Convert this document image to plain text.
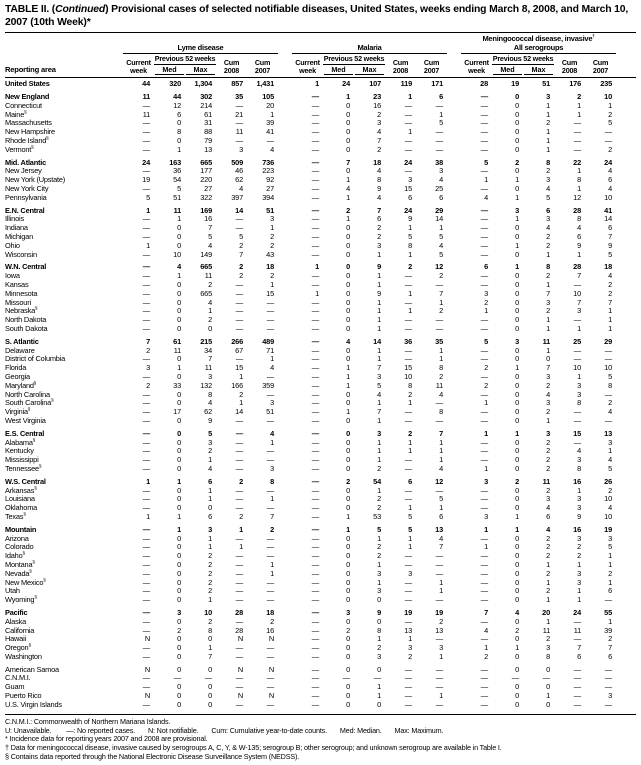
TABLE II. (Continued) Provisional cases of selected notifiable diseases, United States, weeks ending March 8, 2008, and March 10, 2007 (10th Week)*
Reporting area
Lyme disease
Current week
Previous 52 weeks
Med	Max
Cum 2008
Cum 2007
Malaria
Current week
Previous 52 weeks
Med	Max
Cum 2008
Cum 2007
Meningococcal disease, invasive†
All serogroups
Current week
Previous 52 weeks
Med	Max
Cum 2008
Cum 2007
United States	44	320	1,304	857	1,431	1	24	107	119	171	28	19	51	176	235
New England	11	44	302	35	105	—	1	23	1	6	—	0	3	2	10
Connecticut	—	12	214	—	20	—	0	16	—	—	—	0	1	1	1
Maine§	11	6	61	21	1	—	0	2	—	1	—	0	1	1	2
Massachusetts	—	0	31	—	39	—	0	3	—	5	—	0	2	—	5
New Hampshire	—	8	88	11	41	—	0	4	1	—	—	0	1	—	—
Rhode Island§	—	0	79	—	—	—	0	7	—	—	—	0	1	—	—
Vermont§	—	1	13	3	4	—	0	2	—	—	—	0	1	—	2
Mid. Atlantic	24	163	665	509	736	—	7	18	24	38	5	2	8	22	24
New Jersey	—	36	177	46	223	—	0	4	—	3	—	0	2	1	4
New York (Upstate)	19	54	220	62	92	—	1	8	3	4	1	1	3	8	6
New York City	—	5	27	4	27	—	4	9	15	25	—	0	4	1	4
Pennsylvania	5	51	322	397	394	—	1	4	6	6	4	1	5	12	10
E.N. Central	1	11	169	14	51	—	2	7	24	29	—	3	6	28	41
Illinois	—	1	16	—	3	—	1	6	9	14	—	1	3	8	14
Indiana	—	0	7	—	1	—	0	2	1	1	—	0	4	4	6
Michigan	—	0	5	5	2	—	0	2	5	5	—	0	2	6	7
Ohio	1	0	4	2	2	—	0	3	8	4	—	1	2	9	9
Wisconsin	—	10	149	7	43	—	0	1	1	5	—	0	1	1	5
W.N. Central	—	4	665	2	18	1	0	9	2	12	6	1	8	28	18
Iowa	—	1	11	2	2	—	0	1	—	2	—	0	2	7	4
Kansas	—	0	2	—	1	—	0	1	—	—	—	0	1	—	2
Minnesota	—	0	665	—	15	1	0	9	1	7	3	0	7	10	2
Missouri	—	0	4	—	—	—	0	1	—	1	2	0	3	7	7
Nebraska§	—	0	1	—	—	—	0	1	1	2	1	0	2	3	1
North Dakota	—	0	2	—	—	—	0	1	—	—	—	0	1	—	1
South Dakota	—	0	0	—	—	—	0	1	—	—	—	0	1	1	1
S. Atlantic	7	61	215	266	489	—	4	14	36	35	5	3	11	25	29
Delaware	2	11	34	67	71	—	0	1	—	1	—	0	1	—	—
District of Columbia	—	0	7	—	1	—	0	1	—	1	—	0	0	—	—
Florida	3	1	11	15	4	—	1	7	15	8	2	1	7	10	10
Georgia	—	0	3	1	—	—	1	3	10	2	—	0	3	1	5
Maryland§	2	33	132	166	359	—	1	5	8	11	2	0	2	3	8
North Carolina	—	0	8	2	—	—	0	4	2	4	—	0	4	3	—
South Carolina§	—	0	4	1	3	—	0	1	1	—	1	0	3	8	2
Virginia§	—	17	62	14	51	—	1	7	—	8	—	0	2	—	4
West Virginia	—	0	9	—	—	—	0	1	—	—	—	0	1	—	—
E.S. Central	—	0	5	—	4	—	0	3	2	7	1	1	3	15	13
Alabama§	—	0	3	—	1	—	0	1	1	1	—	0	2	—	3
Kentucky	—	0	2	—	—	—	0	1	1	1	—	0	2	4	1
Mississippi	—	0	1	—	—	—	0	1	—	1	—	0	2	3	4
Tennessee§	—	0	4	—	3	—	0	2	—	4	1	0	2	8	5
W.S. Central	1	1	6	2	8	—	2	54	6	12	3	2	11	16	26
Arkansas§	—	0	1	—	—	—	0	1	—	—	—	0	2	1	2
Louisiana	—	0	1	—	1	—	0	2	—	5	—	0	3	3	10
Oklahoma	—	0	0	—	—	—	0	2	1	1	—	0	4	3	4
Texas§	1	1	6	2	7	—	1	53	5	6	3	1	6	9	10
Mountain	—	1	3	1	2	—	1	5	5	13	1	1	4	16	19
Arizona	—	0	1	—	—	—	0	1	1	4	—	0	2	3	3
Colorado	—	0	1	1	—	—	0	2	1	7	1	0	2	2	5
Idaho§	—	0	2	—	—	—	0	2	—	—	—	0	2	2	1
Montana§	—	0	2	—	1	—	0	1	—	—	—	0	1	1	1
Nevada§	—	0	2	—	1	—	0	3	3	—	—	0	2	3	2
New Mexico§	—	0	2	—	—	—	0	1	—	1	—	0	1	3	1
Utah	—	0	2	—	—	—	0	3	—	1	—	0	2	1	6
Wyoming§	—	0	1	—	—	—	0	0	—	—	—	0	1	1	—
Pacific	—	3	10	28	18	—	3	9	19	19	7	4	20	24	55
Alaska	—	0	2	—	2	—	0	0	—	2	—	0	1	—	1
California	—	2	8	28	16	—	2	8	13	13	4	2	11	11	39
Hawaii	N	0	0	N	N	—	0	1	1	—	—	0	2	—	2
Oregon§	—	0	1	—	—	—	0	2	3	3	1	1	3	7	7
Washington	—	0	7	—	—	—	0	3	2	1	2	0	8	6	6
American Samoa	N	0	0	N	N	—	0	0	—	—	—	0	0	—	—
C.N.M.I.	—	—	—	—	—	—	—	—	—	—	—	—	—	—	—
Guam	—	0	0	—	—	—	0	1	—	—	—	0	0	—	—
Puerto Rico	N	0	0	N	N	—	0	1	—	1	—	0	1	—	3
U.S. Virgin Islands	—	0	0	—	—	—	0	0	—	—	—	0	0	—	—
C.N.M.I.: Commonwealth of Northern Mariana Islands.
U: Unavailable.        —: No reported cases.       N: Not notifiable.       Cum: Cumulative year-to-date counts.       Med: Median.       Max: Maximum.
* Incidence data for reporting years 2007 and 2008 are provisional.
† Data for meningococcal disease, invasive caused by serogroups A, C, Y, & W-135; serogroup B; other serogroup; and unknown serogroup are available in Table I.
§ Contains data reported through the National Electronic Disease Surveillance System (NEDSS).
